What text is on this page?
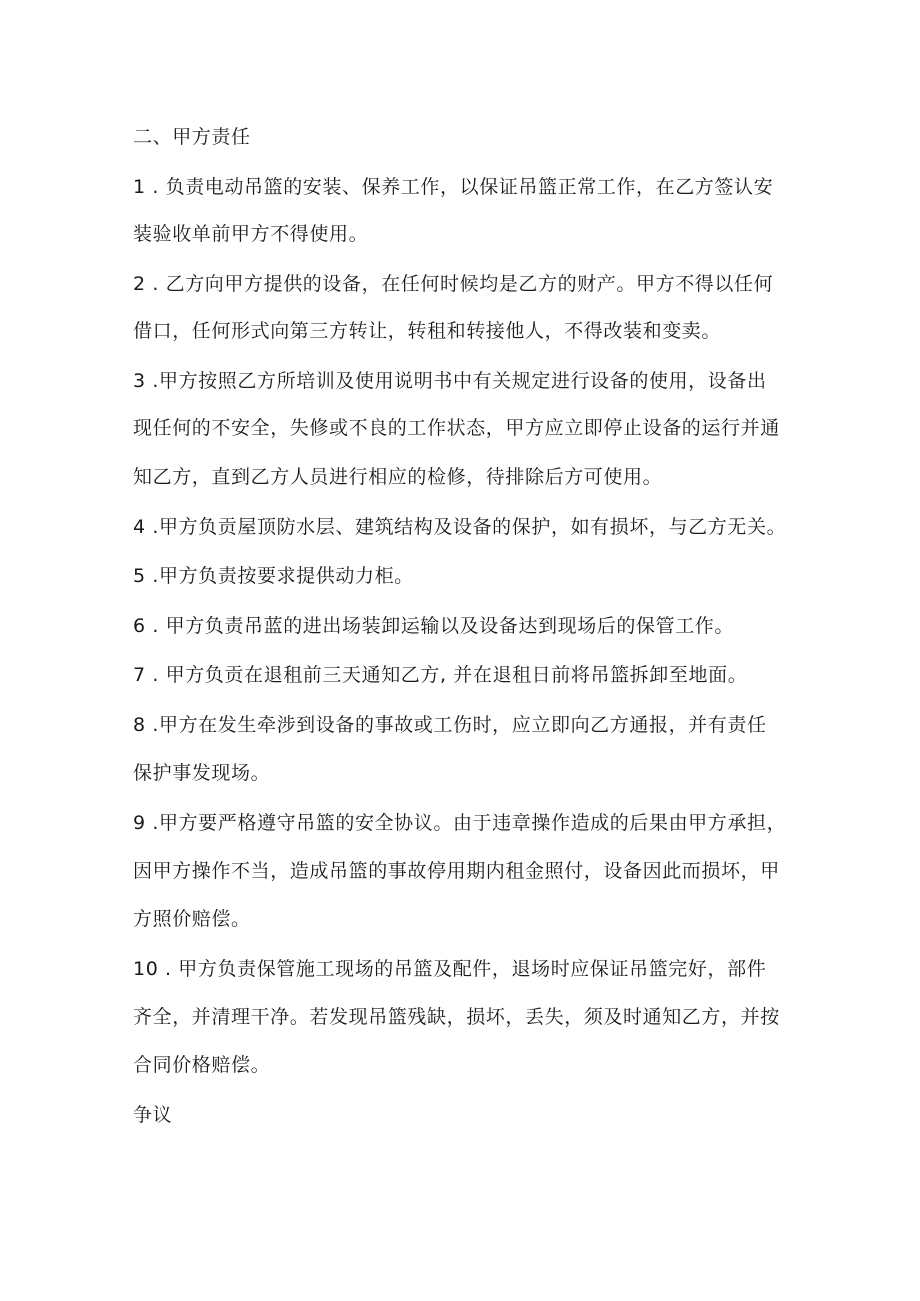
二、甲方责任
1 . 负责电动吊篮的安装、保养工作，以保证吊篮正常工作，在乙方签认安
装验收单前甲方不得使用。
2 . 乙方向甲方提供的设备，在任何时候均是乙方的财产。甲方不得以任何
借口，任何形式向第三方转让，转租和转接他人，不得改装和变卖。
3 .甲方按照乙方所培训及使用说明书中有关规定进行设备的使用，设备出
现任何的不安全，失修或不良的工作状态，甲方应立即停止设备的运行并通
知乙方，直到乙方人员进行相应的检修，待排除后方可使用。
4 .甲方负贡屋顶防水层、建筑结构及设备的保护，如有损坏，与乙方无关。
5 .甲方负责按要求提供动力柜。
6 . 甲方负责吊蓝的进出场装卸运输以及设备达到现场后的保管工作。
7 . 甲方负贡在退租前三天通知乙方, 并在退租日前将吊篮拆卸至地面。
8 .甲方在发生牵涉到设备的事故或工伤时，应立即向乙方通报，并有责任
保护事发现场。
9 .甲方要严格遵守吊篮的安全协议。由于违章操作造成的后果由甲方承担，
因甲方操作不当，造成吊篮的事故停用期内租金照付，设备因此而损坏，甲
方照价赔偿。
10 . 甲方负责保管施工现场的吊篮及配件，退场时应保证吊篮完好，部件
齐全，并清理干净。若发现吊篮残缺，损坏，丢失，须及时通知乙方，并按
合同价格赔偿。
争议
